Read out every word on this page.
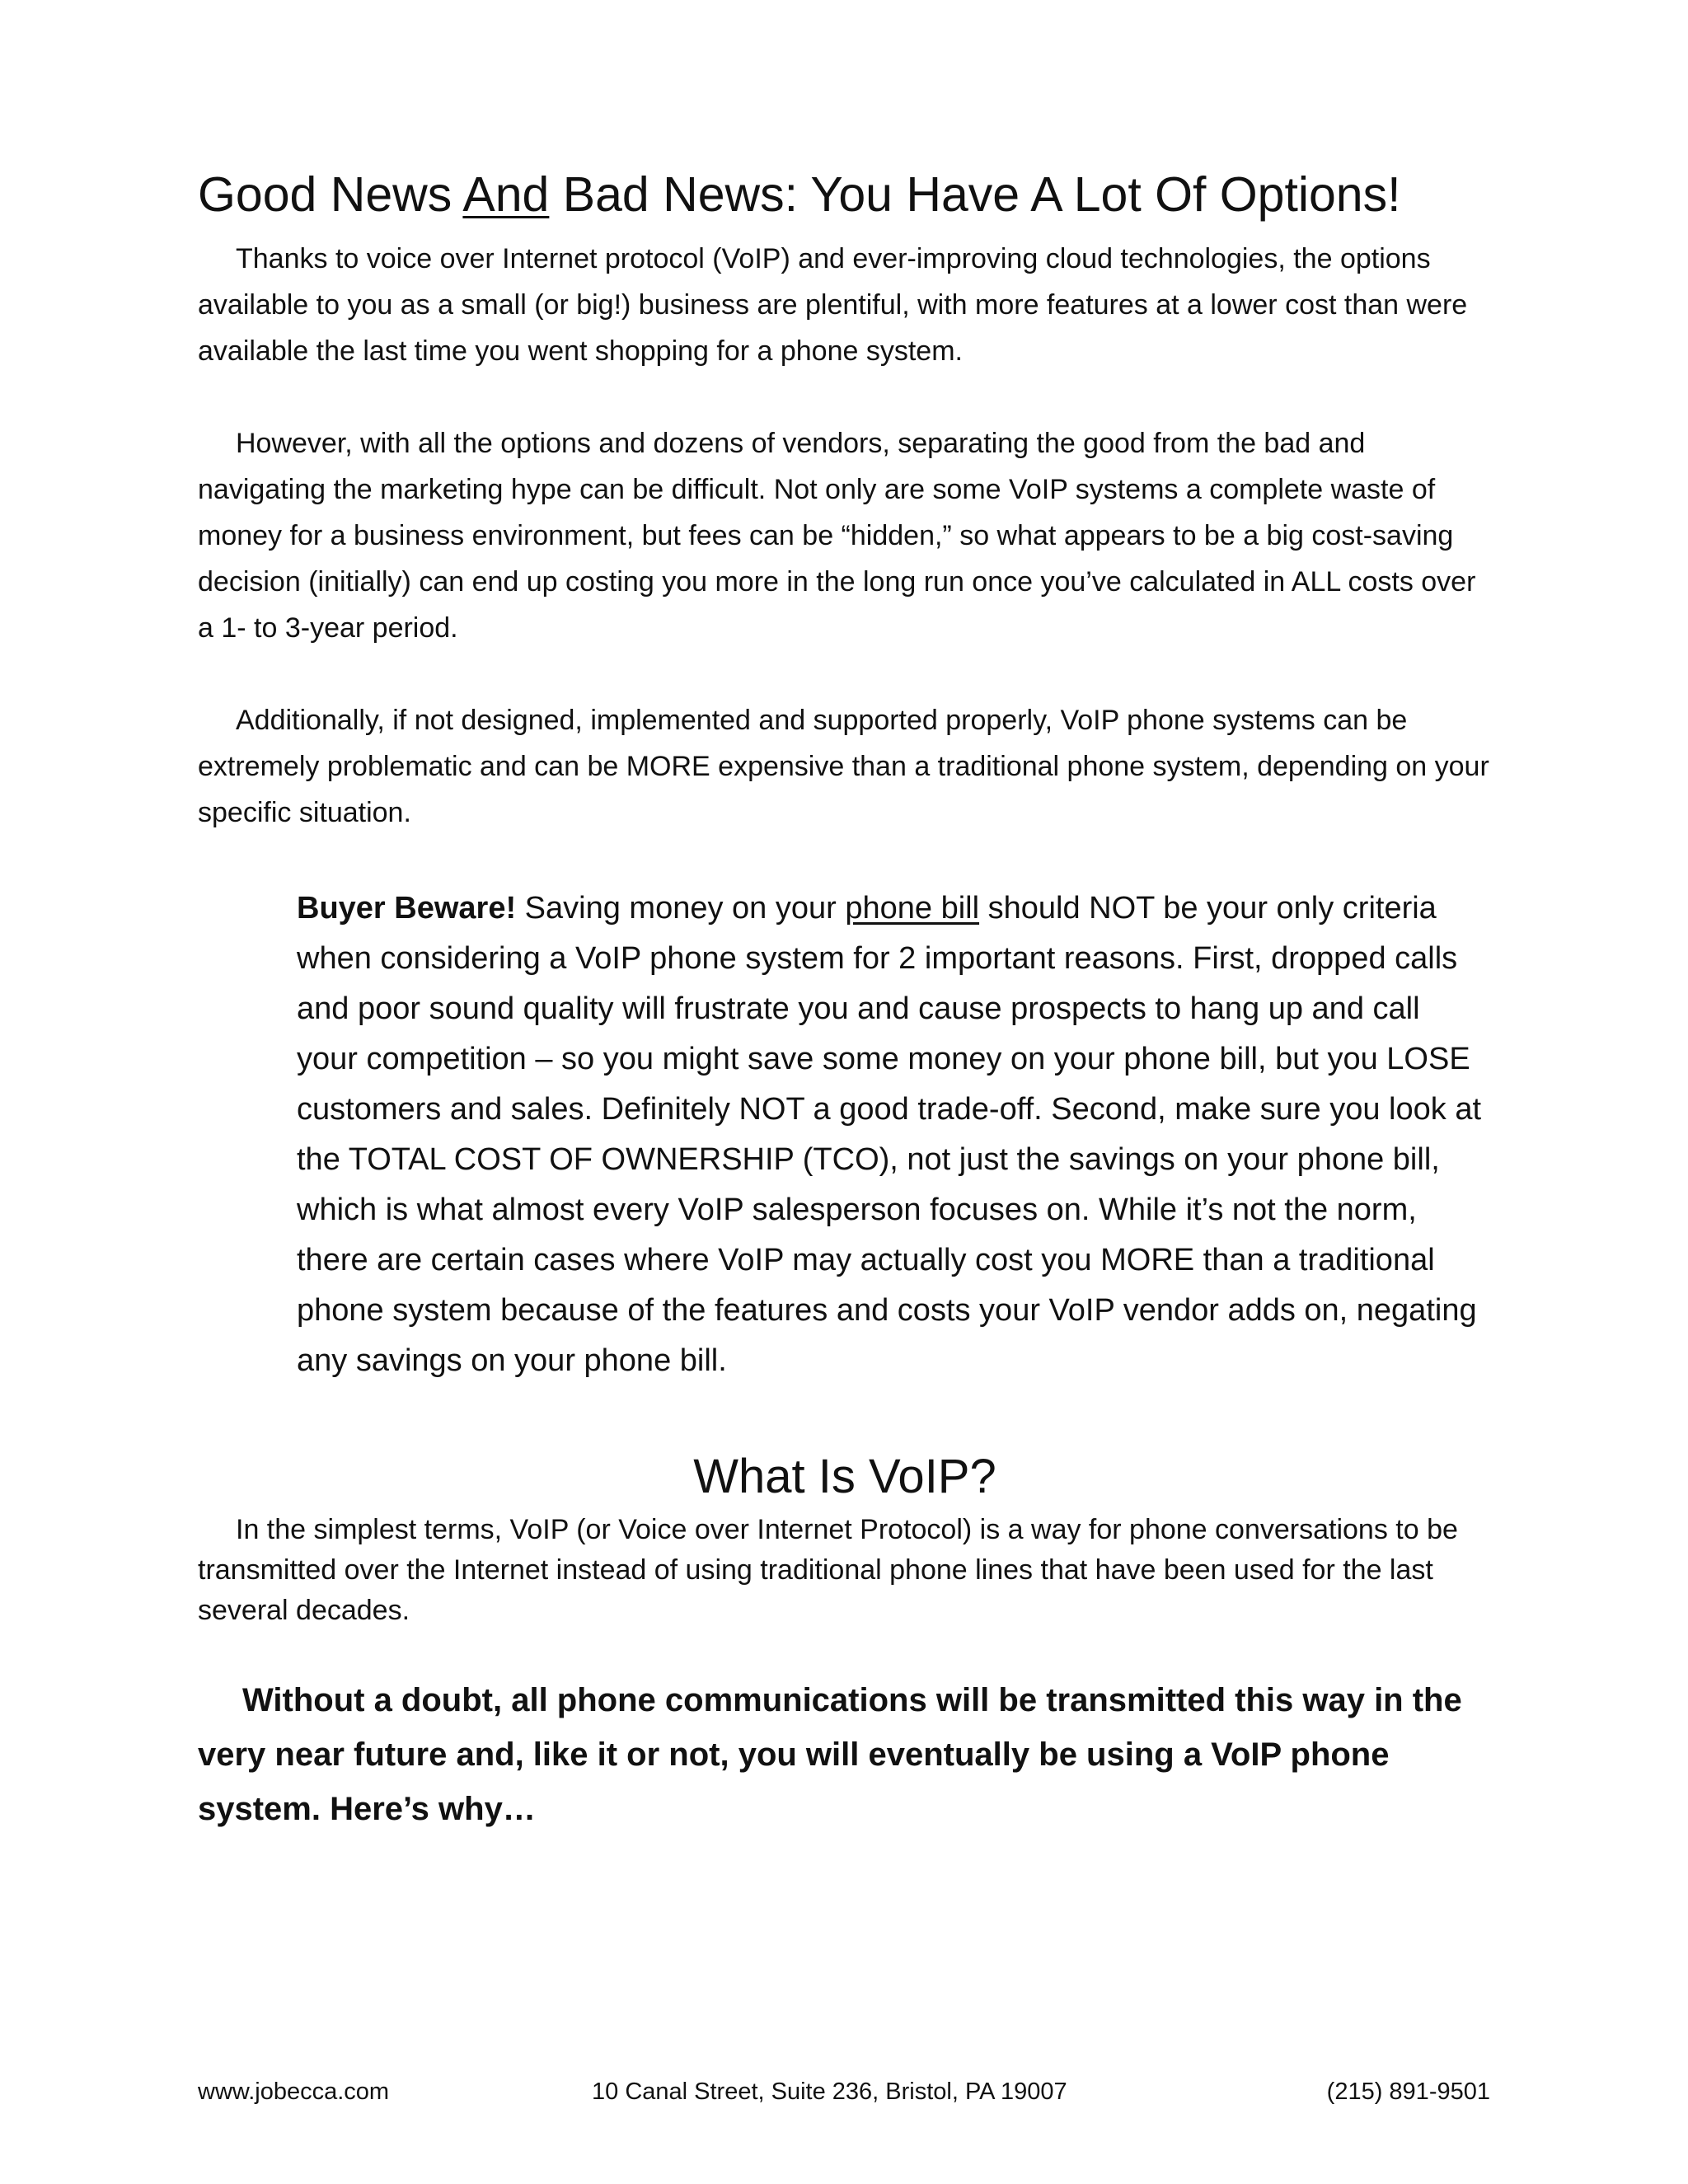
Good News And Bad News: You Have A Lot Of Options!

Thanks to voice over Internet protocol (VoIP) and ever-improving cloud technologies, the options available to you as a small (or big!) business are plentiful, with more features at a lower cost than were available the last time you went shopping for a phone system.

However, with all the options and dozens of vendors, separating the good from the bad and navigating the marketing hype can be difficult. Not only are some VoIP systems a complete waste of money for a business environment, but fees can be “hidden,” so what appears to be a big cost-saving decision (initially) can end up costing you more in the long run once you’ve calculated in ALL costs over a 1- to 3-year period.

Additionally, if not designed, implemented and supported properly, VoIP phone systems can be extremely problematic and can be MORE expensive than a traditional phone system, depending on your specific situation.

Buyer Beware! Saving money on your phone bill should NOT be your only criteria when considering a VoIP phone system for 2 important reasons. First, dropped calls and poor sound quality will frustrate you and cause prospects to hang up and call your competition – so you might save some money on your phone bill, but you LOSE customers and sales. Definitely NOT a good trade-off. Second, make sure you look at the TOTAL COST OF OWNERSHIP (TCO), not just the savings on your phone bill, which is what almost every VoIP salesperson focuses on. While it’s not the norm, there are certain cases where VoIP may actually cost you MORE than a traditional phone system because of the features and costs your VoIP vendor adds on, negating any savings on your phone bill.

What Is VoIP?

In the simplest terms, VoIP (or Voice over Internet Protocol) is a way for phone conversations to be transmitted over the Internet instead of using traditional phone lines that have been used for the last several decades.

Without a doubt, all phone communications will be transmitted this way in the very near future and, like it or not, you will eventually be using a VoIP phone system. Here’s why…

www.jobecca.com	10 Canal Street, Suite 236, Bristol, PA 19007	(215) 891-9501
